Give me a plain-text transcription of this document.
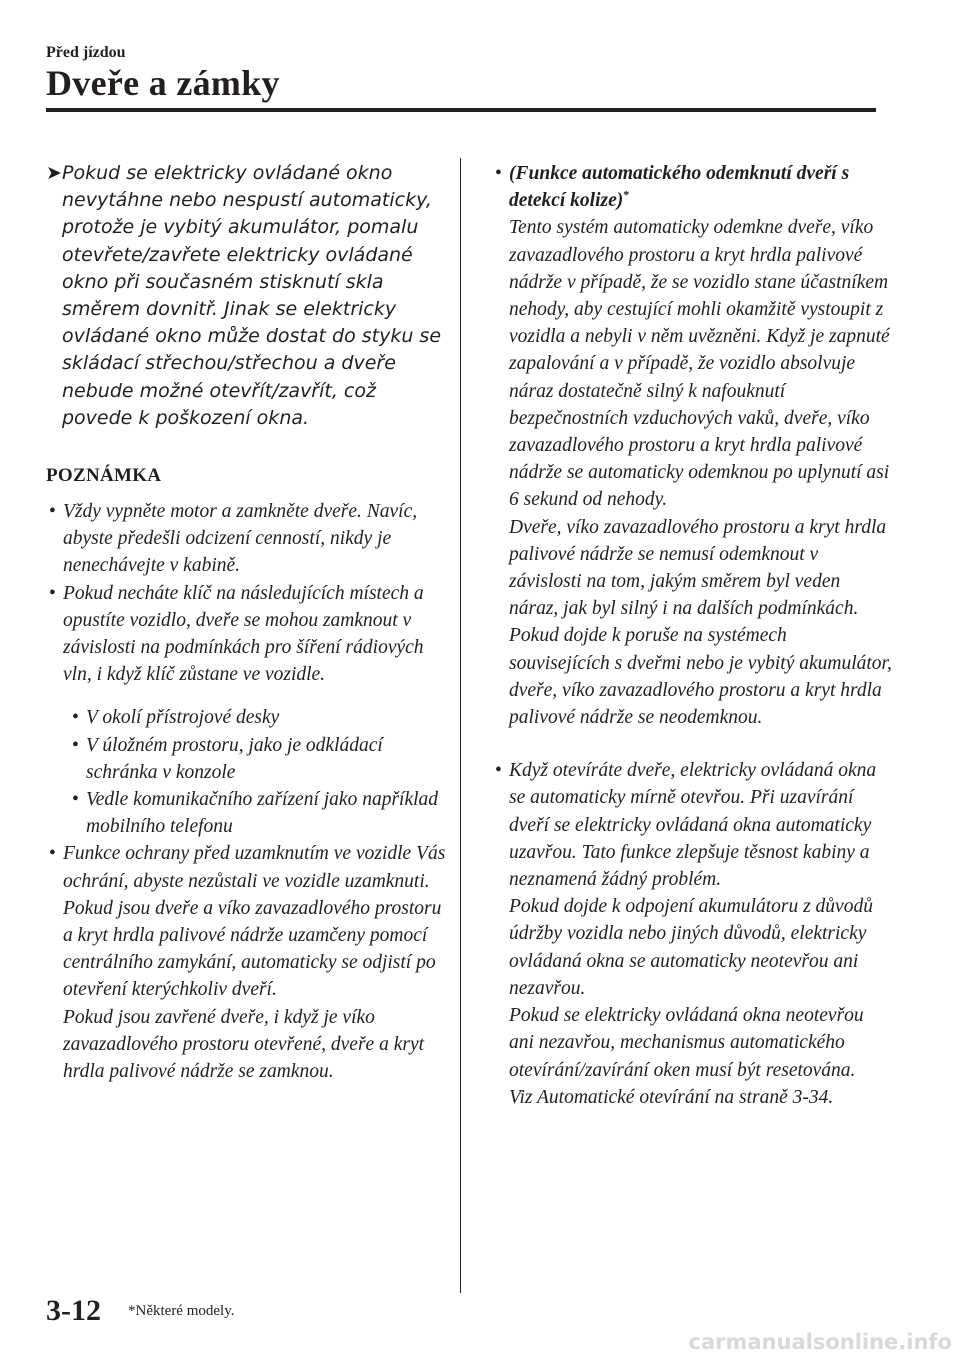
Před jízdou
Dveře a zámky
➤ Pokud se elektricky ovládané okno nevytáhne nebo nespustí automaticky, protože je vybitý akumulátor, pomalu otevřete/zavřete elektricky ovládané okno při současném stisknutí skla směrem dovnitř. Jinak se elektricky ovládané okno může dostat do styku se skládací střechou/střechou a dveře nebude možné otevřít/zavřít, což povede k poškození okna.
POZNÁMKA
• Vždy vypněte motor a zamkněte dveře. Navíc, abyste předešli odcizení cenností, nikdy je nenechávejte v kabině.
• Pokud necháte klíč na následujících místech a opustíte vozidlo, dveře se mohou zamknout v závislosti na podmínkách pro šíření rádiových vln, i když klíč zůstane ve vozidle.
• V okolí přístrojové desky
• V úložném prostoru, jako je odkládací schránka v konzole
• Vedle komunikačního zařízení jako například mobilního telefonu
• Funkce ochrany před uzamknutím ve vozidle Vás ochrání, abyste nezůstali ve vozidle uzamknuti.
Pokud jsou dveře a víko zavazadlového prostoru a kryt hrdla palivové nádrže uzamčeny pomocí centrálního zamykání, automaticky se odjistí po otevření kterýchkoliv dveří.
Pokud jsou zavřené dveře, i když je víko zavazadlového prostoru otevřené, dveře a kryt hrdla palivové nádrže se zamknou.
• (Funkce automatického odemknutí dveří s detekcí kolize)*
Tento systém automaticky odemkne dveře, víko zavazadlového prostoru a kryt hrdla palivové nádrže v případě, že se vozidlo stane účastníkem nehody, aby cestující mohli okamžitě vystoupit z vozidla a nebyli v něm uvězněni. Když je zapnuté zapalování a v případě, že vozidlo absolvuje náraz dostatečně silný k nafouknutí bezpečnostních vzduchových vaků, dveře, víko zavazadlového prostoru a kryt hrdla palivové nádrže se automaticky odemknou po uplynutí asi 6 sekund od nehody.
Dveře, víko zavazadlového prostoru a kryt hrdla palivové nádrže se nemusí odemknout v závislosti na tom, jakým směrem byl veden náraz, jak byl silný i na dalších podmínkách.
Pokud dojde k poruše na systémech souvisejících s dveřmi nebo je vybitý akumulátor, dveře, víko zavazadlového prostoru a kryt hrdla palivové nádrže se neodemknou.
• Když otevíráte dveře, elektricky ovládaná okna se automaticky mírně otevřou. Při uzavírání dveří se elektricky ovládaná okna automaticky uzavřou. Tato funkce zlepšuje těsnost kabiny a neznamená žádný problém.
Pokud dojde k odpojení akumulátoru z důvodů údržby vozidla nebo jiných důvodů, elektricky ovládaná okna se automaticky neotevřou ani nezavřou.
Pokud se elektricky ovládaná okna neotevřou ani nezavřou, mechanismus automatického otevírání/zavírání oken musí být resetována.
Viz Automatické otevírání na straně 3-34.
3-12 *Některé modely.
carmanualsonline.info
